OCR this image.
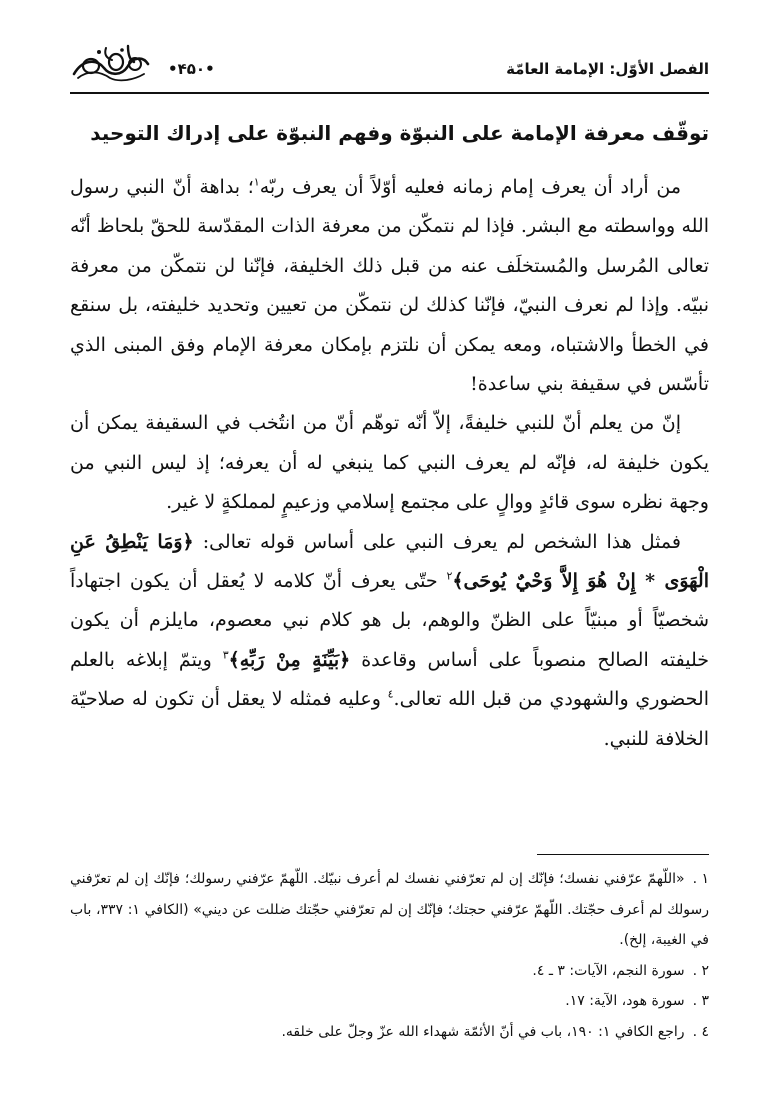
الفصل الأوّل: الإمامة العامّة
•۴۵۰•
توقّف معرفة الإمامة على النبوّة وفهم النبوّة على إدراك التوحيد

من أراد أن يعرف إمام زمانه فعليه أوّلاً أن يعرف ربّه$^١$؛ بداهة أنّ النبي رسول الله وواسطته مع البشر. فإذا لم نتمكّن من معرفة الذات المقدّسة للحقّ بلحاظ أنّه تعالى المُرسل والمُستخلَف عنه من قبل ذلك الخليفة، فإنّنا لن نتمكّن من معرفة نبيّه. وإذا لم نعرف النبيّ، فإنّنا كذلك لن نتمكّن من تعيين وتحديد خليفته، بل سنقع في الخطأ والاشتباه، ومعه يمكن أن نلتزم بإمكان معرفة الإمام وفق المبنى الذي تأسّس في سقيفة بني ساعدة!

إنّ من يعلم أنّ للنبي خليفةً، إلاّ أنّه توهّم أنّ من انتُخب في السقيفة يمكن أن يكون خليفة له، فإنّه لم يعرف النبي كما ينبغي له أن يعرفه؛ إذ ليس النبي من وجهة نظره سوى قائدٍ ووالٍ على مجتمع إسلامي وزعيمٍ لمملكةٍ لا غير.

فمثل هذا الشخص لم يعرف النبي على أساس قوله تعالى: ﴿وَمَا يَنْطِقُ عَنِ الْهَوَى * إِنْ هُوَ إِلاَّ وَحْيٌ يُوحَى﴾$^٢$ حتّى يعرف أنّ كلامه لا يُعقل أن يكون اجتهاداً شخصيّاً أو مبنيّاً على الظنّ والوهم، بل هو كلام نبي معصوم، مايلزم أن يكون خليفته الصالح منصوباً على أساس وقاعدة ﴿بَيِّنَةٍ مِنْ رَبِّهِ﴾$^٣$ ويتمّ إبلاغه بالعلم الحضوري والشهودي من قبل الله تعالى.$^٤$ وعليه فمثله لا يعقل أن تكون له صلاحيّة الخلافة للنبي.

١ .«اللّهمّ عرّفني نفسك؛ فإنّك إن لم تعرّفني نفسك لم أعرف نبيّك. اللّهمّ عرّفني رسولك؛ فإنّك إن لم تعرّفني رسولك لم أعرف حجّتك. اللّهمّ عرّفني حجتك؛ فإنّك إن لم تعرّفني حجّتك ضللت عن ديني» (الكافي ١: ٣٣٧، باب في الغيبة، إلخ).

٢ .سورة النجم، الآيات: ٣ ـ ٤.

٣ .سورة هود، الآية: ١٧.

٤ .راجع الكافي ١: ١٩٠، باب في أنّ الأئمّة شهداء الله عزّ وجلّ على خلقه.
